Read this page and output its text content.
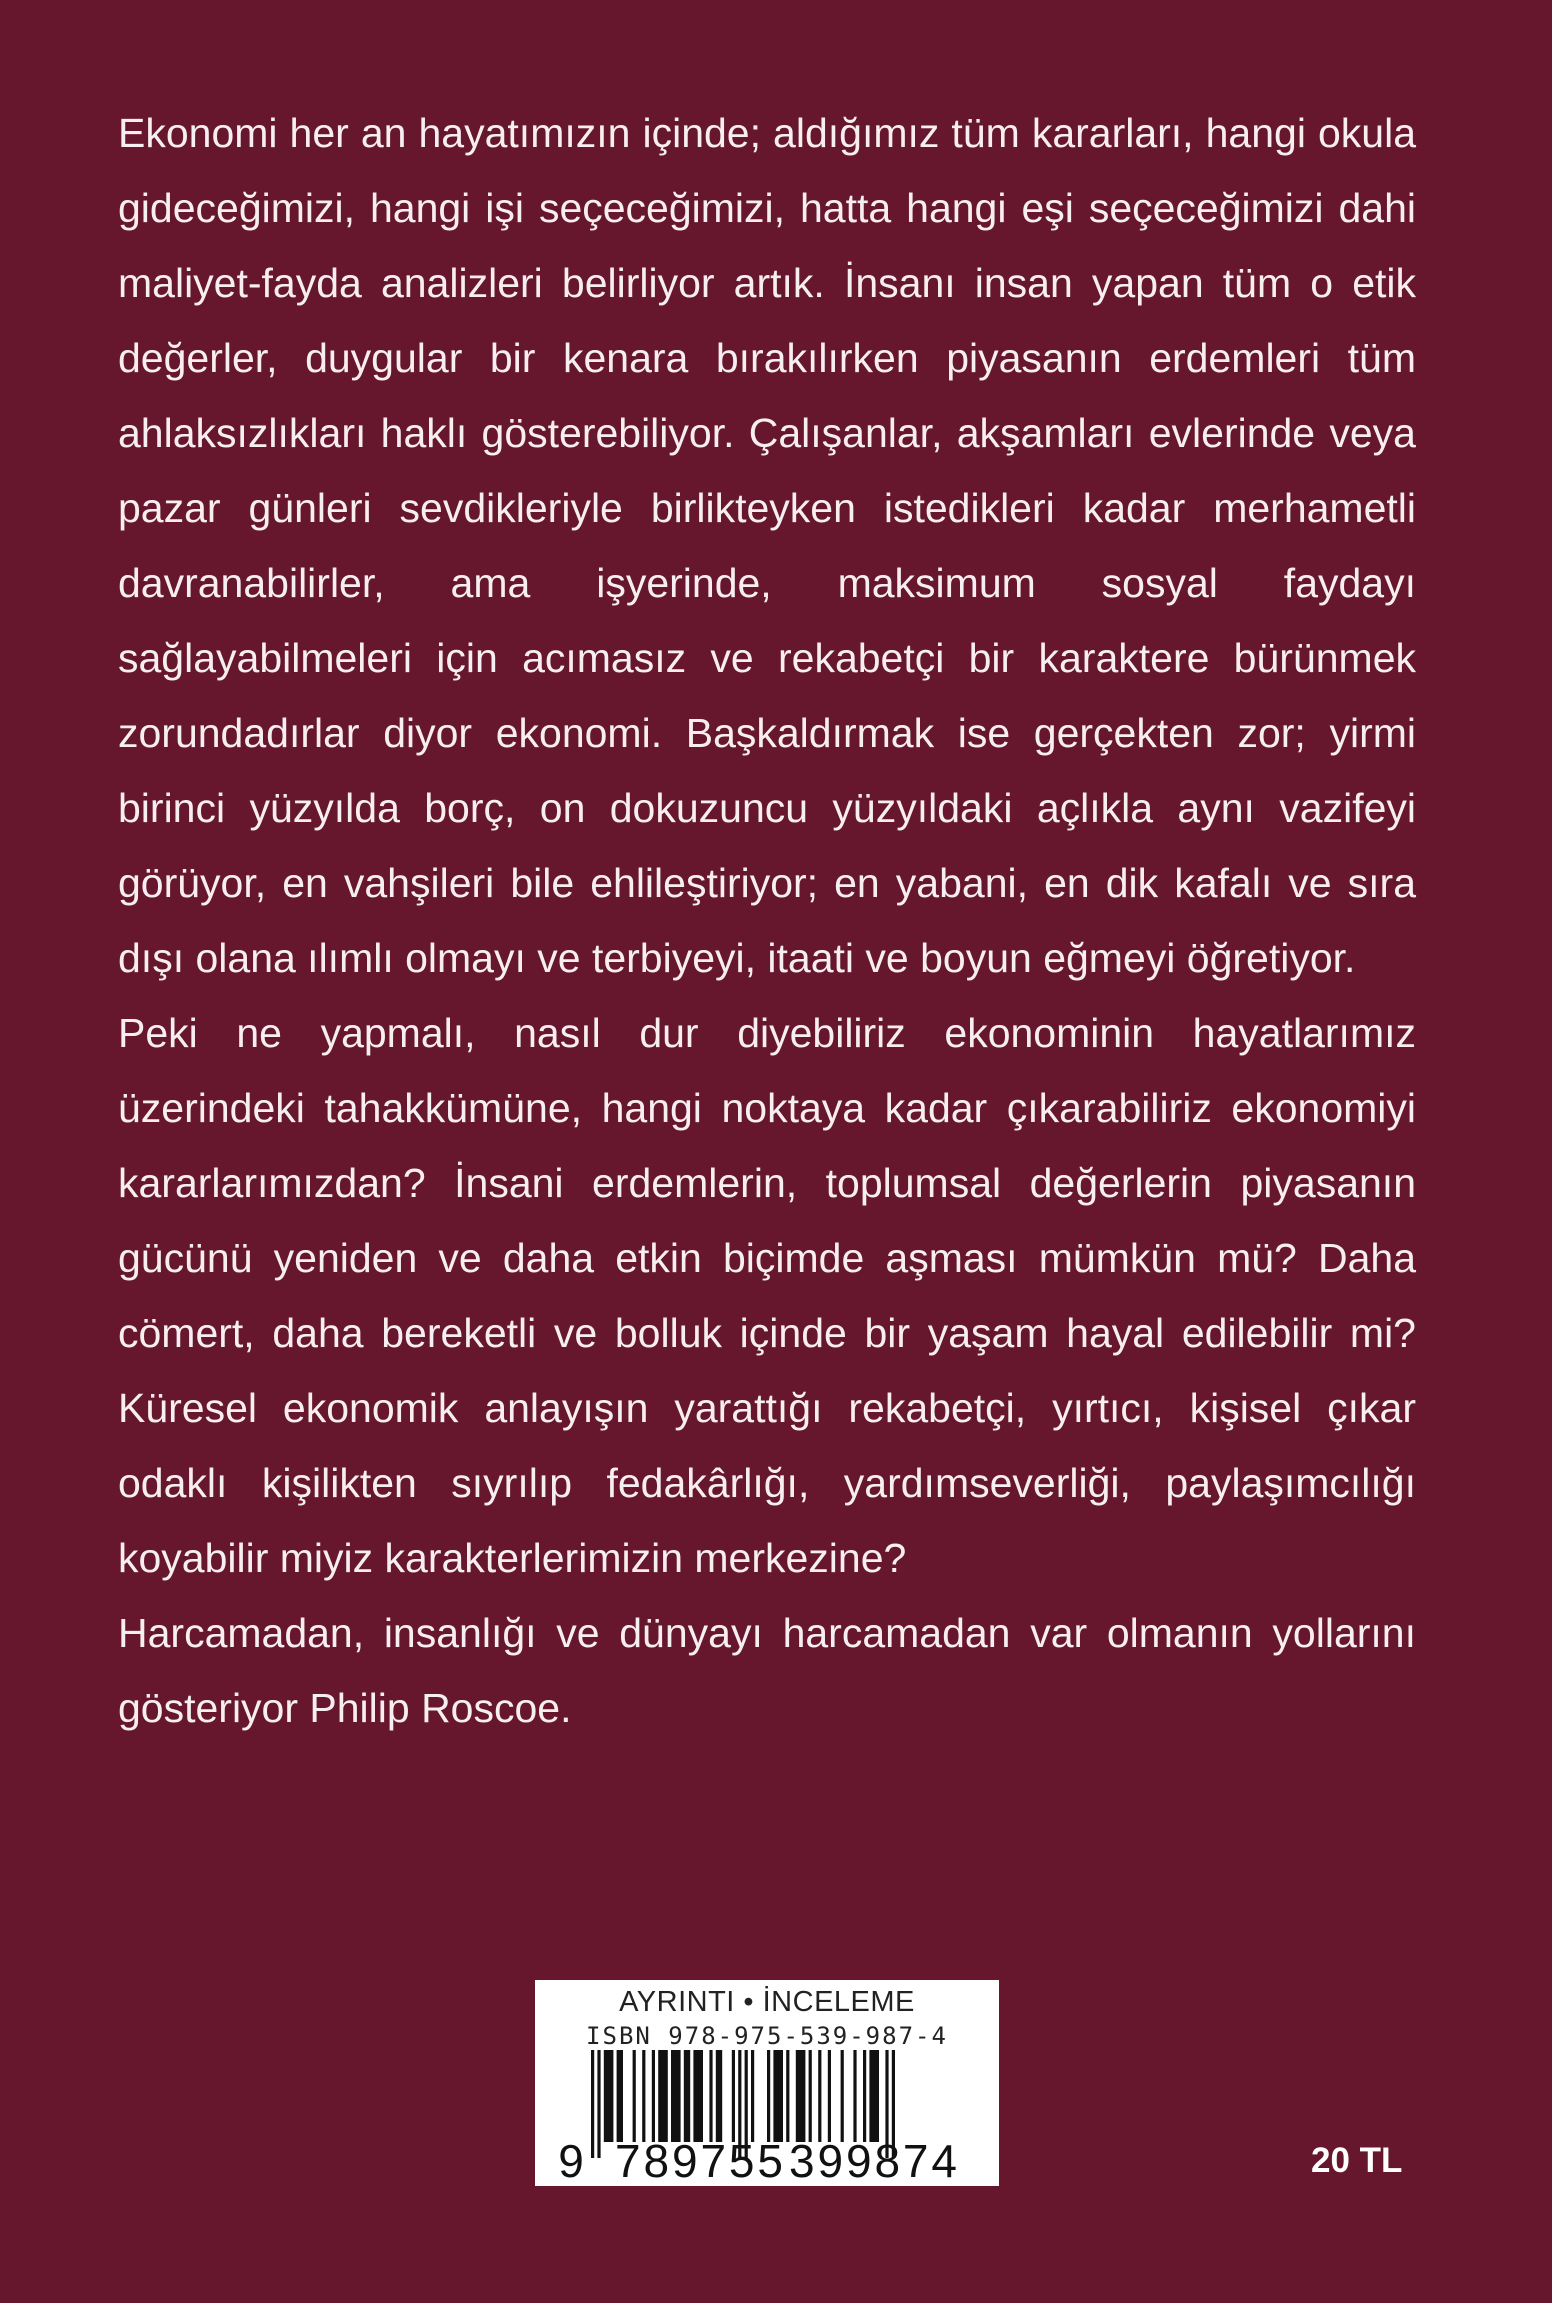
Ekonomi her an hayatımızın içinde; aldığımız tüm kararları, hangi okula gideceğimizi, hangi işi seçeceğimizi, hatta hangi eşi seçeceğimizi dahi maliyet-fayda analizleri belirliyor artık. İnsanı insan yapan tüm o etik değerler, duygular bir kenara bırakılırken piyasanın erdemleri tüm ahlaksızlıkları haklı gösterebiliyor. Çalışanlar, akşamları evlerinde veya pazar günleri sevdikleriyle birlikteyken istedikleri kadar merhametli davranabilirler, ama işyerinde, maksimum sosyal faydayı sağlayabilmeleri için acımasız ve rekabetçi bir karaktere bürünmek zorundadırlar diyor ekonomi. Başkaldırmak ise gerçekten zor; yirmi birinci yüzyılda borç, on dokuzuncu yüzyıldaki açlıkla aynı vazifeyi görüyor, en vahşileri bile ehlileştiriyor; en yabani, en dik kafalı ve sıra dışı olana ılımlı olmayı ve terbiyeyi, itaati ve boyun eğmeyi öğretiyor.

Peki ne yapmalı, nasıl dur diyebiliriz ekonominin hayatlarımız üzerindeki tahakkümüne, hangi noktaya kadar çıkarabiliriz ekonomiyi kararlarımızdan? İnsani erdemlerin, toplumsal değerlerin piyasanın gücünü yeniden ve daha etkin biçimde aşması mümkün mü? Daha cömert, daha bereketli ve bolluk içinde bir yaşam hayal edilebilir mi? Küresel ekonomik anlayışın yarattığı rekabetçi, yırtıcı, kişisel çıkar odaklı kişilikten sıyrılıp fedakârlığı, yardımseverliği, paylaşımcılığı koyabilir miyiz karakterlerimizin merkezine?

Harcamadan, insanlığı ve dünyayı harcamadan var olmanın yollarını gösteriyor Philip Roscoe.

AYRINTI • İNCELEME
ISBN 978-975-539-987-4
9 789755 399874	20 TL
